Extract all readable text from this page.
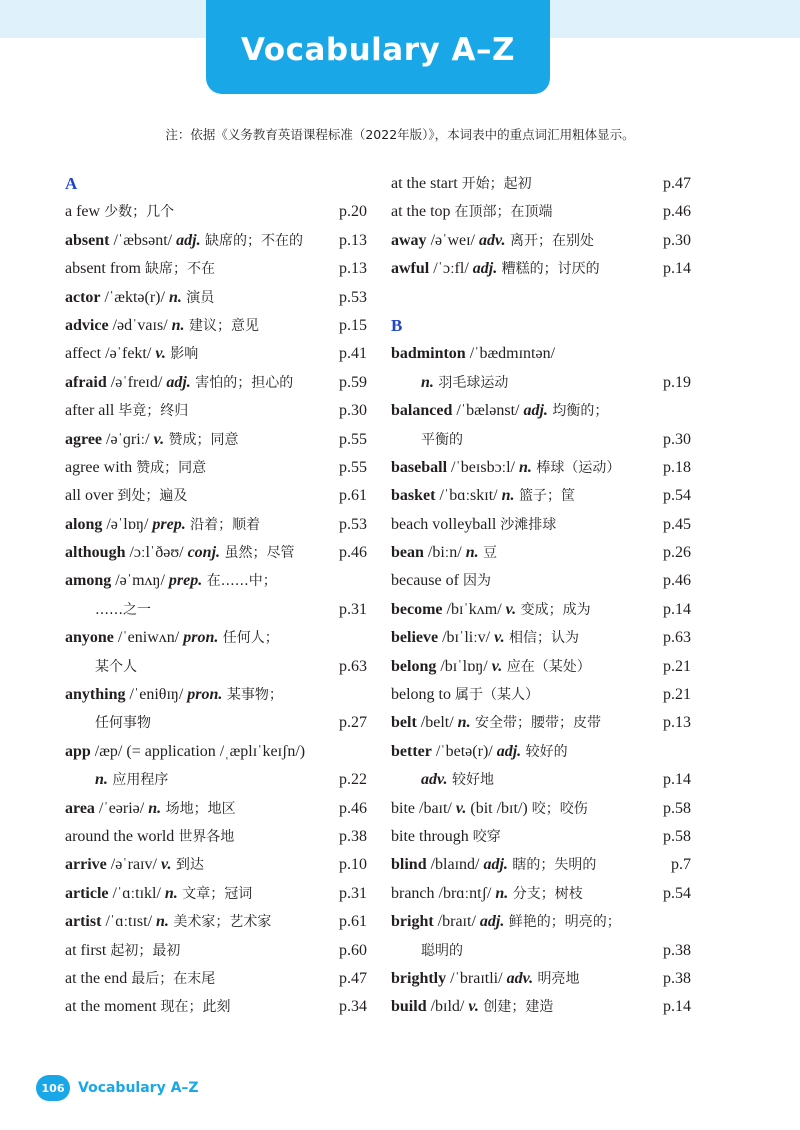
Vocabulary A–Z
注：依据《义务教育英语课程标准（2022年版）》，本词表中的重点词汇用粗体显示。
A
a few 少数；几个	p.20
absent /ˈæbsənt/ adj. 缺席的；不在的 p.13
absent from 缺席；不在	p.13
actor /ˈæktə(r)/ n. 演员	p.53
advice /ədˈvaɪs/ n. 建议；意见	p.15
affect /əˈfekt/ v. 影响	p.41
afraid /əˈfreɪd/ adj. 害怕的；担心的	p.59
after all 毕竟；终归	p.30
agree /əˈɡriː/ v. 赞成；同意	p.55
agree with 赞成；同意	p.55
all over 到处；遍及	p.61
along /əˈlɒŋ/ prep. 沿着；顺着	p.53
although /ɔːlˈðəʊ/ conj. 虽然；尽管	p.46
among /əˈmʌŋ/ prep. 在……中；
……之一	p.31
anyone /ˈeniwʌn/ pron. 任何人；
某个人	p.63
anything /ˈeniθɪŋ/ pron. 某事物；
任何事物	p.27
app /æp/ (= application /ˌæplɪˈkeɪʃn/)
n. 应用程序	p.22
area /ˈeəriə/ n. 场地；地区	p.46
around the world 世界各地	p.38
arrive /əˈraɪv/ v. 到达	p.10
article /ˈɑːtɪkl/ n. 文章；冠词	p.31
artist /ˈɑːtɪst/ n. 美术家；艺术家	p.61
at first 起初；最初	p.60
at the end 最后；在末尾	p.47
at the moment 现在；此刻	p.34
at the start 开始；起初	p.47
at the top 在顶部；在顶端	p.46
away /əˈweɪ/ adv. 离开；在别处	p.30
awful /ˈɔːfl/ adj. 糟糕的；讨厌的	p.14
B
badminton /ˈbædmɪntən/
n. 羽毛球运动	p.19
balanced /ˈbælənst/ adj. 均衡的；
平衡的	p.30
baseball /ˈbeɪsbɔːl/ n. 棒球（运动）	p.18
basket /ˈbɑːskɪt/ n. 篮子；筐	p.54
beach volleyball 沙滩排球	p.45
bean /biːn/ n. 豆	p.26
because of 因为	p.46
become /bɪˈkʌm/ v. 变成；成为	p.14
believe /bɪˈliːv/ v. 相信；认为	p.63
belong /bɪˈlɒŋ/ v. 应在（某处）	p.21
belong to 属于（某人）	p.21
belt /belt/ n. 安全带；腰带；皮带	p.13
better /ˈbetə(r)/ adj. 较好的
adv. 较好地	p.14
bite /baɪt/ v. (bit /bɪt/) 咬；咬伤	p.58
bite through 咬穿	p.58
blind /blaɪnd/ adj. 瞎的；失明的	p.7
branch /brɑːntʃ/ n. 分支；树枝	p.54
bright /braɪt/ adj. 鲜艳的；明亮的；
聪明的	p.38
brightly /ˈbraɪtli/ adv. 明亮地	p.38
build /bɪld/ v. 创建；建造	p.14
106 Vocabulary A–Z
